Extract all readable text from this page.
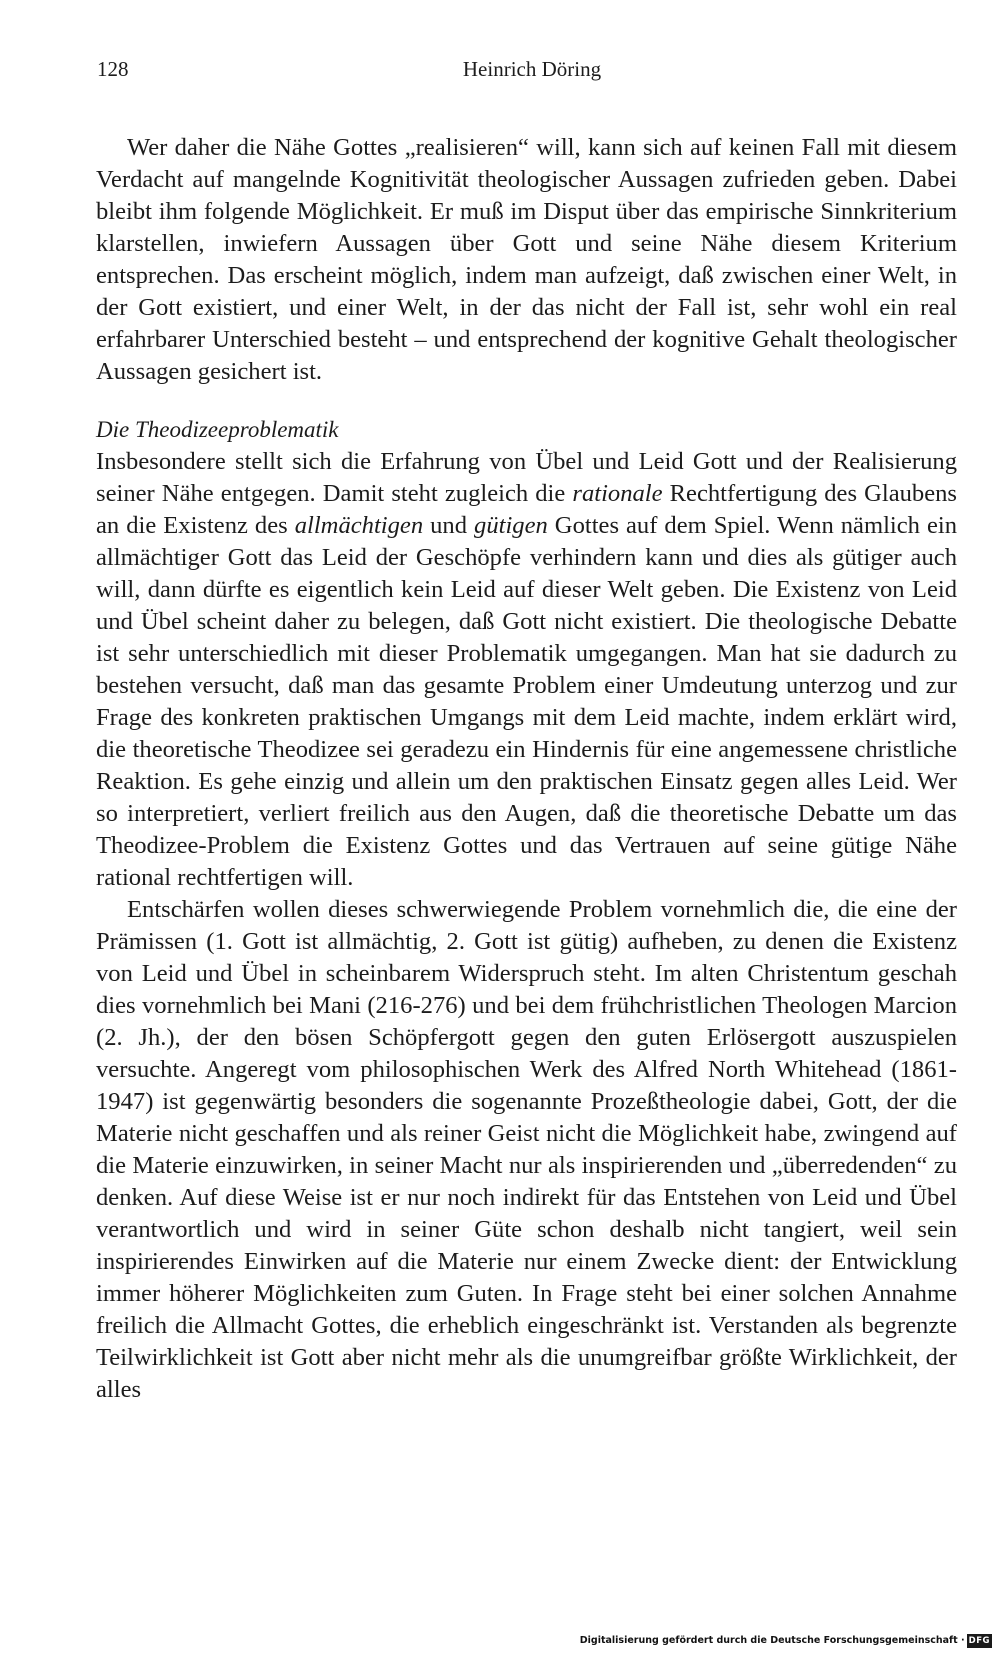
128	Heinrich Döring

Wer daher die Nähe Gottes „realisieren“ will, kann sich auf keinen Fall mit diesem Verdacht auf mangelnde Kognitivität theologischer Aussagen zufrieden geben. Dabei bleibt ihm folgende Möglichkeit. Er muß im Disput über das empirische Sinnkriterium klarstellen, inwiefern Aussagen über Gott und seine Nähe diesem Kriterium entsprechen. Das erscheint möglich, indem man aufzeigt, daß zwischen einer Welt, in der Gott existiert, und einer Welt, in der das nicht der Fall ist, sehr wohl ein real erfahrbarer Unterschied besteht – und entsprechend der kognitive Gehalt theologischer Aussagen gesichert ist.

Die Theodizeeproblematik

Insbesondere stellt sich die Erfahrung von Übel und Leid Gott und der Realisierung seiner Nähe entgegen. Damit steht zugleich die rationale Rechtfertigung des Glaubens an die Existenz des allmächtigen und gütigen Gottes auf dem Spiel. Wenn nämlich ein allmächtiger Gott das Leid der Geschöpfe verhindern kann und dies als gütiger auch will, dann dürfte es eigentlich kein Leid auf dieser Welt geben. Die Existenz von Leid und Übel scheint daher zu belegen, daß Gott nicht existiert. Die theologische Debatte ist sehr unterschiedlich mit dieser Problematik umgegangen. Man hat sie dadurch zu bestehen versucht, daß man das gesamte Problem einer Umdeutung unterzog und zur Frage des konkreten praktischen Umgangs mit dem Leid machte, indem erklärt wird, die theoretische Theodizee sei geradezu ein Hindernis für eine angemessene christliche Reaktion. Es gehe einzig und allein um den praktischen Einsatz gegen alles Leid. Wer so interpretiert, verliert freilich aus den Augen, daß die theoretische Debatte um das Theodizee-Problem die Existenz Gottes und das Vertrauen auf seine gütige Nähe rational rechtfertigen will.

Entschärfen wollen dieses schwerwiegende Problem vornehmlich die, die eine der Prämissen (1. Gott ist allmächtig, 2. Gott ist gütig) aufheben, zu denen die Existenz von Leid und Übel in scheinbarem Widerspruch steht. Im alten Christentum geschah dies vornehmlich bei Mani (216-276) und bei dem frühchristlichen Theologen Marcion (2. Jh.), der den bösen Schöpfergott gegen den guten Erlösergott auszuspielen versuchte. Angeregt vom philosophischen Werk des Alfred North Whitehead (1861-1947) ist gegenwärtig besonders die sogenannte Prozeßtheologie dabei, Gott, der die Materie nicht geschaffen und als reiner Geist nicht die Möglichkeit habe, zwingend auf die Materie einzuwirken, in seiner Macht nur als inspirierenden und „überredenden“ zu denken. Auf diese Weise ist er nur noch indirekt für das Entstehen von Leid und Übel verantwortlich und wird in seiner Güte schon deshalb nicht tangiert, weil sein inspirierendes Einwirken auf die Materie nur einem Zwecke dient: der Entwicklung immer höherer Möglichkeiten zum Guten. In Frage steht bei einer solchen Annahme freilich die Allmacht Gottes, die erheblich eingeschränkt ist. Verstanden als begrenzte Teilwirklichkeit ist Gott aber nicht mehr als die unumgreifbar größte Wirklichkeit, der alles

Digitalisierung gefördert durch die Deutsche Forschungsgemeinschaft · DFG
